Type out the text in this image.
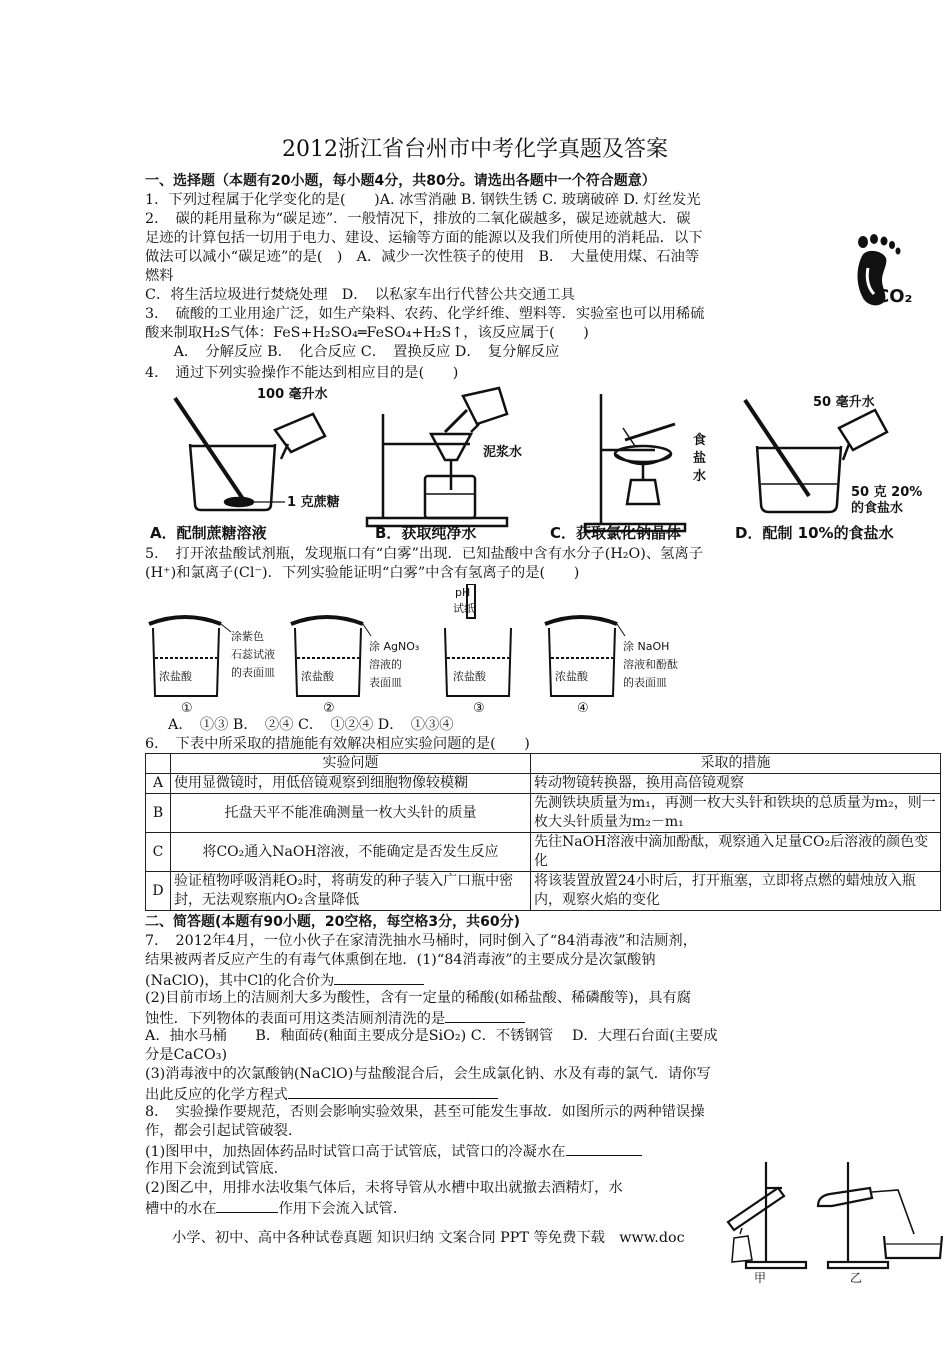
2012浙江省台州市中考化学真题及答案
一、选择题（本题有20小题，每小题4分，共80分。请选出各题中一个符合题意）
1．下列过程属于化学变化的是(　　)A. 冰雪消融 B. 钢铁生锈 C. 玻璃破碎 D. 灯丝发光
2．　碳的耗用量称为“碳足迹”．一般情况下，排放的二氧化碳越多，碳足迹就越大．碳
足迹的计算包括一切用于电力、建设、运输等方面的能源以及我们所使用的消耗品．以下
做法可以减小“碳足迹”的是(　)　A．减少一次性筷子的使用　B．　大量使用煤、石油等
燃料
C．将生活垃圾进行焚烧处理　D．　以私家车出行代替公共交通工具	CO₂
3．　硫酸的工业用途广泛，如生产染料、农药、化学纤维、塑料等．实验室也可以用稀硫
酸来制取H₂S气体：FeS+H₂SO₄═FeSO₄+H₂S↑，该反应属于(　　)
　　A．　分解反应 B．　化合反应 C．　置换反应 D．　复分解反应
4．　通过下列实验操作不能达到相应目的是(　　)
100 毫升水
1 克蔗糖
泥浆水
食
盐
水
50 毫升水
50 克 20%
的食盐水
A．配制蔗糖溶液	B．获取纯净水	C．获取氯化钠晶体	D．配制 10%的食盐水
5．　打开浓盐酸试剂瓶，发现瓶口有“白雾”出现．已知盐酸中含有水分子(H₂O)、氢离子
(H⁺)和氯离子(Cl⁻)．下列实验能证明“白雾”中含有氢离子的是(　　)
浓盐酸	浓盐酸	浓盐酸	浓盐酸
涂紫色
石蕊试液
的表面皿
涂 AgNO₃
溶液的
表面皿
pH
试纸
涂 NaOH
溶液和酚酞
的表面皿
①	②	③	④
A．　①③ B．　②④ C．　①②④ D．　①③④
6．　下表中所采取的措施能有效解决相应实验问题的是(　　)
	实验问题	采取的措施
A	使用显微镜时，用低倍镜观察到细胞物像较模糊	转动物镜转换器，换用高倍镜观察
B	托盘天平不能准确测量一枚大头针的质量	先测铁块质量为m₁，再测一枚大头针和铁块的总质量为m₂，则一枚大头针质量为m₂－m₁
C	将CO₂通入NaOH溶液，不能确定是否发生反应	先往NaOH溶液中滴加酚酞，观察通入足量CO₂后溶液的颜色变化
D	验证植物呼吸消耗O₂时，将萌发的种子装入广口瓶中密封，无法观察瓶内O₂含量降低	将该装置放置24小时后，打开瓶塞，立即将点燃的蜡烛放入瓶内，观察火焰的变化
二、简答题(本题有90小题，20空格，每空格3分，共60分)
7．　2012年4月，一位小伙子在家清洗抽水马桶时，同时倒入了“84消毒液”和洁厕剂，
结果被两者反应产生的有毒气体熏倒在地．(1)“84消毒液”的主要成分是次氯酸钠
(NaClO)，其中Cl的化合价为
(2)目前市场上的洁厕剂大多为酸性，含有一定量的稀酸(如稀盐酸、稀磷酸等)，具有腐
蚀性．下列物体的表面可用这类洁厕剂清洗的是
A．抽水马桶　　B．釉面砖(釉面主要成分是SiO₂) C．不锈钢管　 D．大理石台面(主要成
分是CaCO₃)
(3)消毒液中的次氯酸钠(NaClO)与盐酸混合后，会生成氯化钠、水及有毒的氯气．请你写
出此反应的化学方程式
8．　实验操作要规范，否则会影响实验效果，甚至可能发生事故．如图所示的两种错误操
作，都会引起试管破裂．
(1)图甲中，加热固体药品时试管口高于试管底，试管口的冷凝水在
作用下会流到试管底．
(2)图乙中，用排水法收集气体后，未将导管从水槽中取出就撤去酒精灯，水
槽中的水在	作用下会流入试管．
甲	乙
小学、初中、高中各种试卷真题 知识归纳 文案合同 PPT 等免费下载　www.doc
